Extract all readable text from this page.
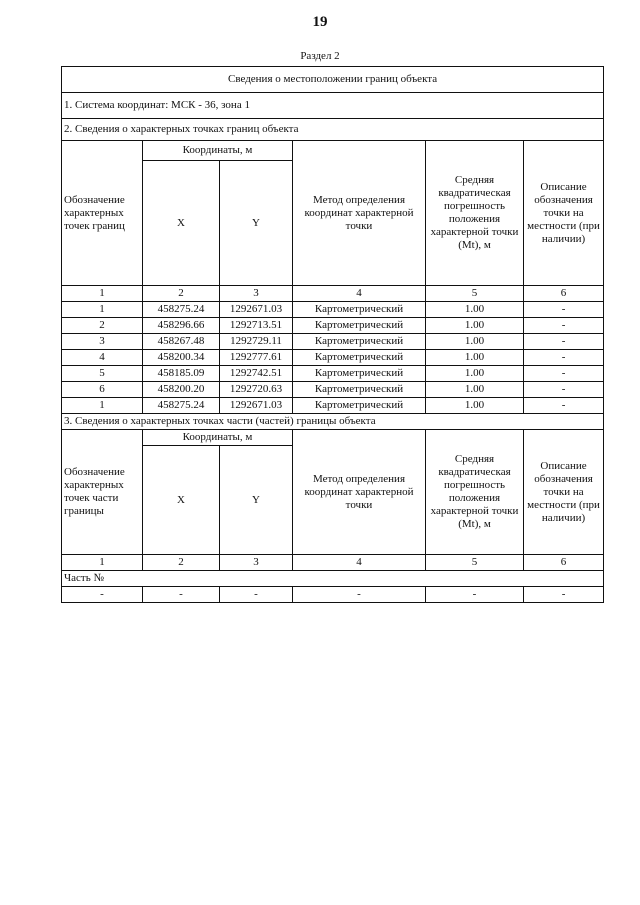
19
Раздел 2
Сведения о местоположении границ объекта					
1. Система координат: МСК - 36, зона 1					
2. Сведения о характерных точках границ объекта					
Обозначение характерных точек границ	Координаты, м		Метод определения координат характерной точки	Средняя квадратическая погрешность положения характерной точки (Mt), м	Описание обозначения точки на местности (при наличии)
	X	Y			
1	2	3	4	5	6
1	458275.24	1292671.03	Картометрический	1.00	-
2	458296.66	1292713.51	Картометрический	1.00	-
3	458267.48	1292729.11	Картометрический	1.00	-
4	458200.34	1292777.61	Картометрический	1.00	-
5	458185.09	1292742.51	Картометрический	1.00	-
6	458200.20	1292720.63	Картометрический	1.00	-
1	458275.24	1292671.03	Картометрический	1.00	-
3. Сведения о характерных точках части (частей) границы объекта					
Обозначение характерных точек части границы	Координаты, м		Метод определения координат характерной точки	Средняя квадратическая погрешность положения характерной точки (Mt), м	Описание обозначения точки на местности (при наличии)
	X	Y			
1	2	3	4	5	6
Часть №					
-	-	-	-	-	-
